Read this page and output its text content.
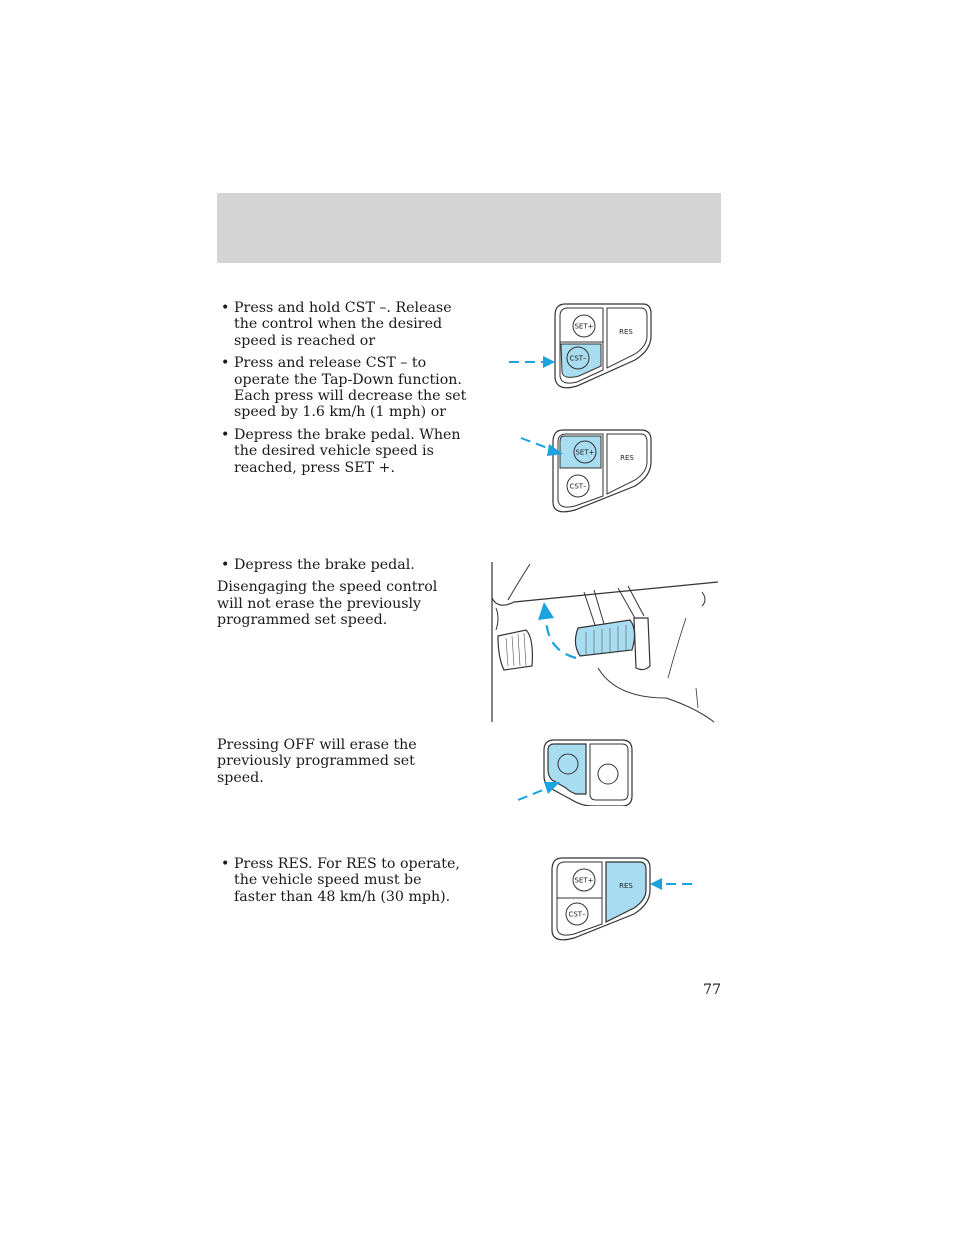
• Press and hold CST –. Release the control when the desired speed is reached or
• Press and release CST – to operate the Tap-Down function. Each press will decrease the set speed by 1.6 km/h (1 mph) or
• Depress the brake pedal. When the desired vehicle speed is reached, press SET +.
SET+
CST–
RES
SET+
CST–
RES
• Depress the brake pedal.

Disengaging the speed control will not erase the previously programmed set speed.

Pressing OFF will erase the previously programmed set speed.

• Press RES. For RES to operate, the vehicle speed must be faster than 48 km/h (30 mph).
SET+
CST–
RES
77
